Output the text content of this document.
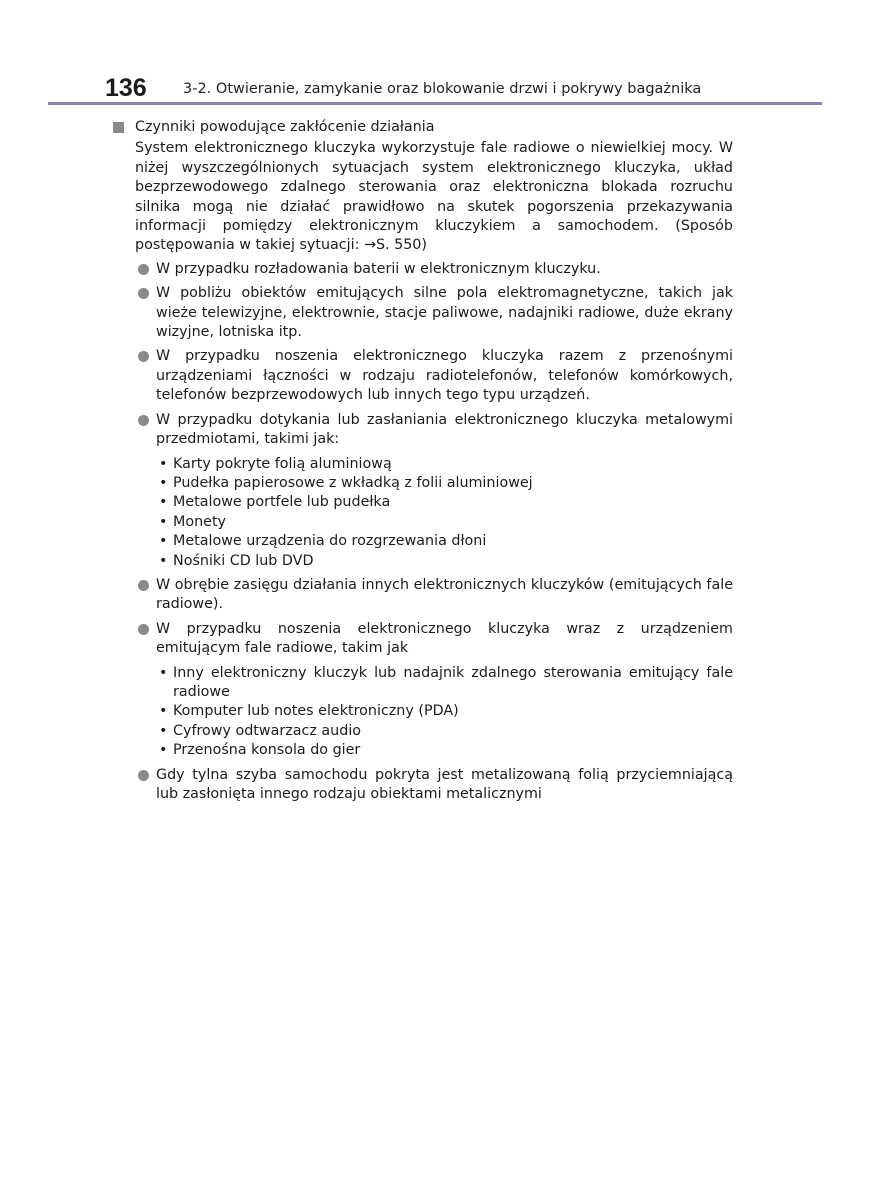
136	3-2. Otwieranie, zamykanie oraz blokowanie drzwi i pokrywy bagażnika

Czynniki powodujące zakłócenie działania

System elektronicznego kluczyka wykorzystuje fale radiowe o niewielkiej mocy. W niżej wyszczególnionych sytuacjach system elektronicznego kluczyka, układ bezprzewodowego zdalnego sterowania oraz elektroniczna blokada rozruchu silnika mogą nie działać prawidłowo na skutek pogorszenia przekazywania informacji pomiędzy elektronicznym kluczykiem a samochodem. (Sposób postępowania w takiej sytuacji: →S. 550)

W przypadku rozładowania baterii w elektronicznym kluczyku.
W pobliżu obiektów emitujących silne pola elektromagnetyczne, takich jak wieże telewizyjne, elektrownie, stacje paliwowe, nadajniki radiowe, duże ekrany wizyjne, lotniska itp.
W przypadku noszenia elektronicznego kluczyka razem z przenośnymi urządzeniami łączności w rodzaju radiotelefonów, telefonów komórkowych, telefonów bezprzewodowych lub innych tego typu urządzeń.
W przypadku dotykania lub zasłaniania elektronicznego kluczyka metalowymi przedmiotami, takimi jak:
• Karty pokryte folią aluminiową
• Pudełka papierosowe z wkładką z folii aluminiowej
• Metalowe portfele lub pudełka
• Monety
• Metalowe urządzenia do rozgrzewania dłoni
• Nośniki CD lub DVD
W obrębie zasięgu działania innych elektronicznych kluczyków (emitujących fale radiowe).
W przypadku noszenia elektronicznego kluczyka wraz z urządzeniem emitującym fale radiowe, takim jak
• Inny elektroniczny kluczyk lub nadajnik zdalnego sterowania emitujący fale radiowe
• Komputer lub notes elektroniczny (PDA)
• Cyfrowy odtwarzacz audio
• Przenośna konsola do gier
Gdy tylna szyba samochodu pokryta jest metalizowaną folią przyciemniającą lub zasłonięta innego rodzaju obiektami metalicznymi
